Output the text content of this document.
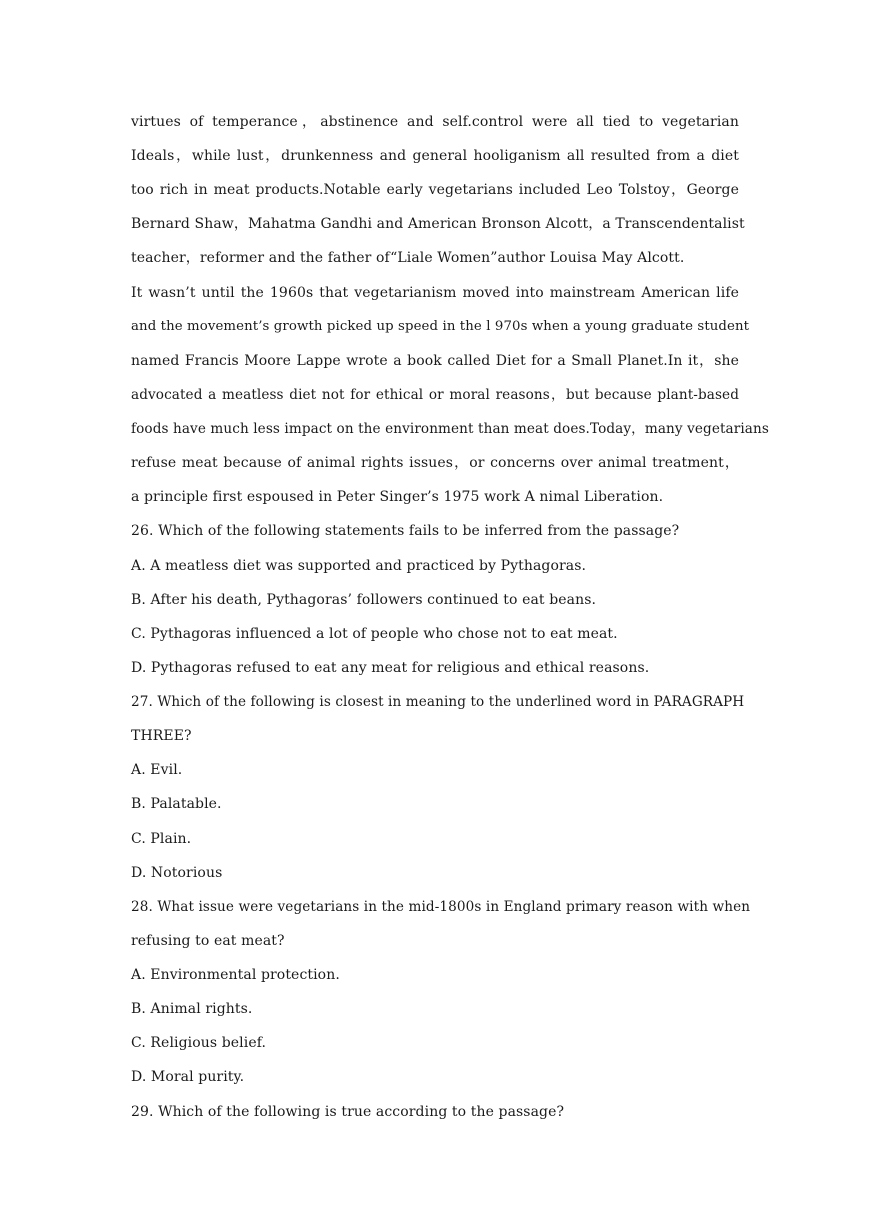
virtues of temperance，abstinence and self.control were all tied to vegetarian
Ideals，while lust，drunkenness and general hooliganism all resulted from a diet
too rich in meat products.Notable early vegetarians included Leo Tolstoy，George
Bernard Shaw，Mahatma Gandhi and American Bronson Alcott，a Transcendentalist
teacher，reformer and the father of“Liale Women”author Louisa May Alcott.
It wasn’t until the 1960s that vegetarianism moved into mainstream American life
and the movement’s growth picked up speed in the l 970s when a young graduate student
named Francis Moore Lappe wrote a book called Diet for a Small Planet.In it，she
advocated a meatless diet not for ethical or moral reasons，but because plant-based
foods have much less impact on the environment than meat does.Today，many vegetarians
refuse meat because of animal rights issues，or concerns over animal treatment，
a principle first espoused in Peter Singer’s 1975 work A nimal Liberation.
26. Which of the following statements fails to be inferred from the passage?
A. A meatless diet was supported and practiced by Pythagoras.
B. After his death, Pythagoras’ followers continued to eat beans.
C. Pythagoras influenced a lot of people who chose not to eat meat.
D. Pythagoras refused to eat any meat for religious and ethical reasons.
27. Which of the following is closest in meaning to the underlined word in PARAGRAPH
THREE?
A. Evil.
B. Palatable.
C. Plain.
D. Notorious
28. What issue were vegetarians in the mid-1800s in England primary reason with when
refusing to eat meat?
A. Environmental protection.
B. Animal rights.
C. Religious belief.
D. Moral purity.
29. Which of the following is true according to the passage?
